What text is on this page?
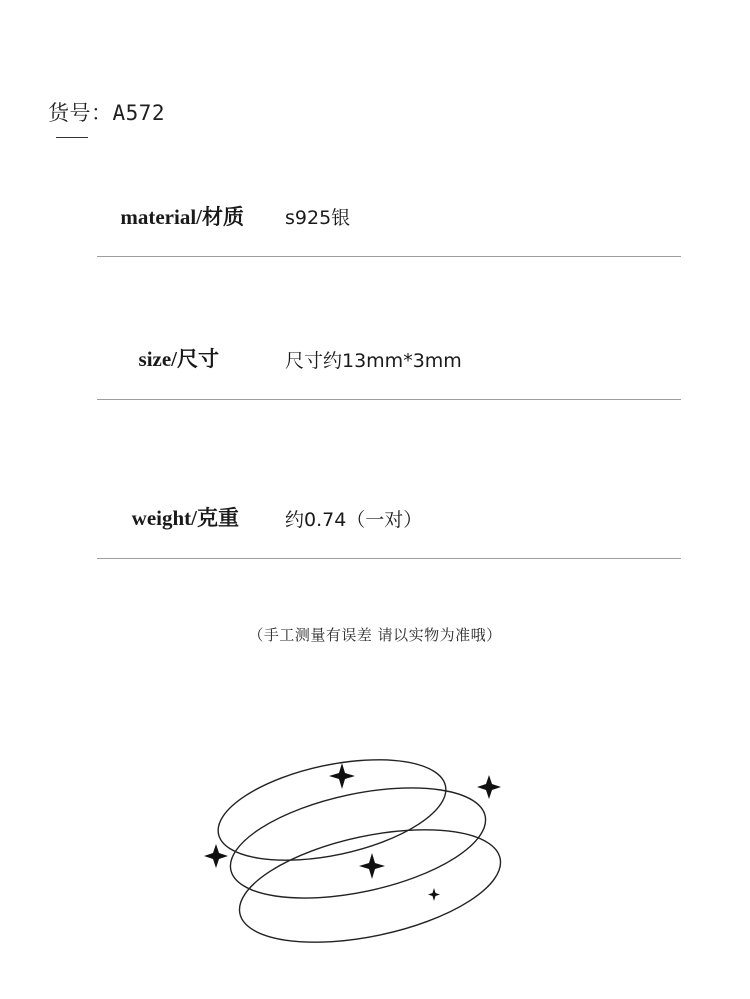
货号：A572
material/材质 s925银
size/尺寸	尺寸约13mm*3mm
weight/克重 约0.74（一对）
（手工测量有误差 请以实物为准哦）
